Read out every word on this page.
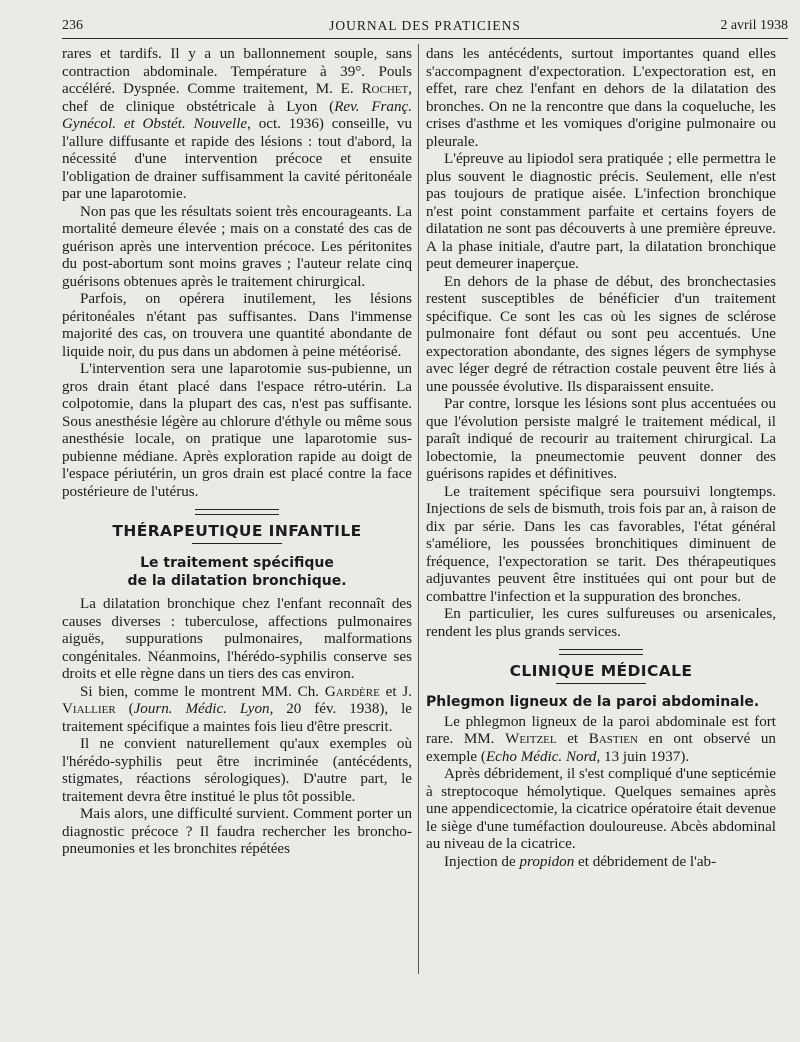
236	JOURNAL DES PRATICIENS	2 avril 1938

rares et tardifs. Il y a un ballonnement souple, sans contraction abdominale. Température à 39°. Pouls accéléré. Dyspnée. Comme traitement, M. E. Rochet, chef de clinique obstétricale à Lyon (Rev. Franç. Gynécol. et Obstét. Nouvelle, oct. 1936) conseille, vu l'allure diffusante et rapide des lésions : tout d'abord, la nécessité d'une intervention précoce et ensuite l'obligation de drainer suffisamment la cavité péritonéale par une laparotomie.

Non pas que les résultats soient très encourageants. La mortalité demeure élevée ; mais on a constaté des cas de guérison après une intervention précoce. Les péritonites du post-abortum sont moins graves ; l'auteur relate cinq guérisons obtenues après le traitement chirurgical.

Parfois, on opérera inutilement, les lésions péritonéales n'étant pas suffisantes. Dans l'immense majorité des cas, on trouvera une quantité abondante de liquide noir, du pus dans un abdomen à peine météorisé.

L'intervention sera une laparotomie sus-pubienne, un gros drain étant placé dans l'espace rétro-utérin. La colpotomie, dans la plupart des cas, n'est pas suffisante. Sous anesthésie légère au chlorure d'éthyle ou même sous anesthésie locale, on pratique une laparotomie sus-pubienne médiane. Après exploration rapide au doigt de l'espace périutérin, un gros drain est placé contre la face postérieure de l'utérus.

THÉRAPEUTIQUE INFANTILE
Le traitement spécifique
de la dilatation bronchique.

La dilatation bronchique chez l'enfant reconnaît des causes diverses : tuberculose, affections pulmonaires aiguës, suppurations pulmonaires, malformations congénitales. Néanmoins, l'hérédo-syphilis conserve ses droits et elle règne dans un tiers des cas environ.

Si bien, comme le montrent MM. Ch. Gardère et J. Viallier (Journ. Médic. Lyon, 20 fév. 1938), le traitement spécifique a maintes fois lieu d'être prescrit.

Il ne convient naturellement qu'aux exemples où l'hérédo-syphilis peut être incriminée (antécédents, stigmates, réactions sérologiques). D'autre part, le traitement devra être institué le plus tôt possible.

Mais alors, une difficulté survient. Comment porter un diagnostic précoce ? Il faudra rechercher les broncho-pneumonies et les bronchites répétées

dans les antécédents, surtout importantes quand elles s'accompagnent d'expectoration. L'expectoration est, en effet, rare chez l'enfant en dehors de la dilatation des bronches. On ne la rencontre que dans la coqueluche, les crises d'asthme et les vomiques d'origine pulmonaire ou pleurale.

L'épreuve au lipiodol sera pratiquée ; elle permettra le plus souvent le diagnostic précis. Seulement, elle n'est pas toujours de pratique aisée. L'infection bronchique n'est point constamment parfaite et certains foyers de dilatation ne sont pas découverts à une première épreuve. A la phase initiale, d'autre part, la dilatation bronchique peut demeurer inaperçue.

En dehors de la phase de début, des bronchectasies restent susceptibles de bénéficier d'un traitement spécifique. Ce sont les cas où les signes de sclérose pulmonaire font défaut ou sont peu accentués. Une expectoration abondante, des signes légers de symphyse avec léger degré de rétraction costale peuvent être liés à une poussée évolutive. Ils disparaissent ensuite.

Par contre, lorsque les lésions sont plus accentuées ou que l'évolution persiste malgré le traitement médical, il paraît indiqué de recourir au traitement chirurgical. La lobectomie, la pneumectomie peuvent donner des guérisons rapides et définitives.

Le traitement spécifique sera poursuivi longtemps. Injections de sels de bismuth, trois fois par an, à raison de dix par série. Dans les cas favorables, l'état général s'améliore, les poussées bronchitiques diminuent de fréquence, l'expectoration se tarit. Des thérapeutiques adjuvantes peuvent être instituées qui ont pour but de combattre l'infection et la suppuration des bronches.

En particulier, les cures sulfureuses ou arsenicales, rendent les plus grands services.

CLINIQUE MÉDICALE
Phlegmon ligneux de la paroi abdominale.

Le phlegmon ligneux de la paroi abdominale est fort rare. MM. Weitzel et Bastien en ont observé un exemple (Echo Médic. Nord, 13 juin 1937).

Après débridement, il s'est compliqué d'une septicémie à streptocoque hémolytique. Quelques semaines après une appendicectomie, la cicatrice opératoire était devenue le siège d'une tuméfaction douloureuse. Abcès abdominal au niveau de la cicatrice.

Injection de propidon et débridement de l'ab-
